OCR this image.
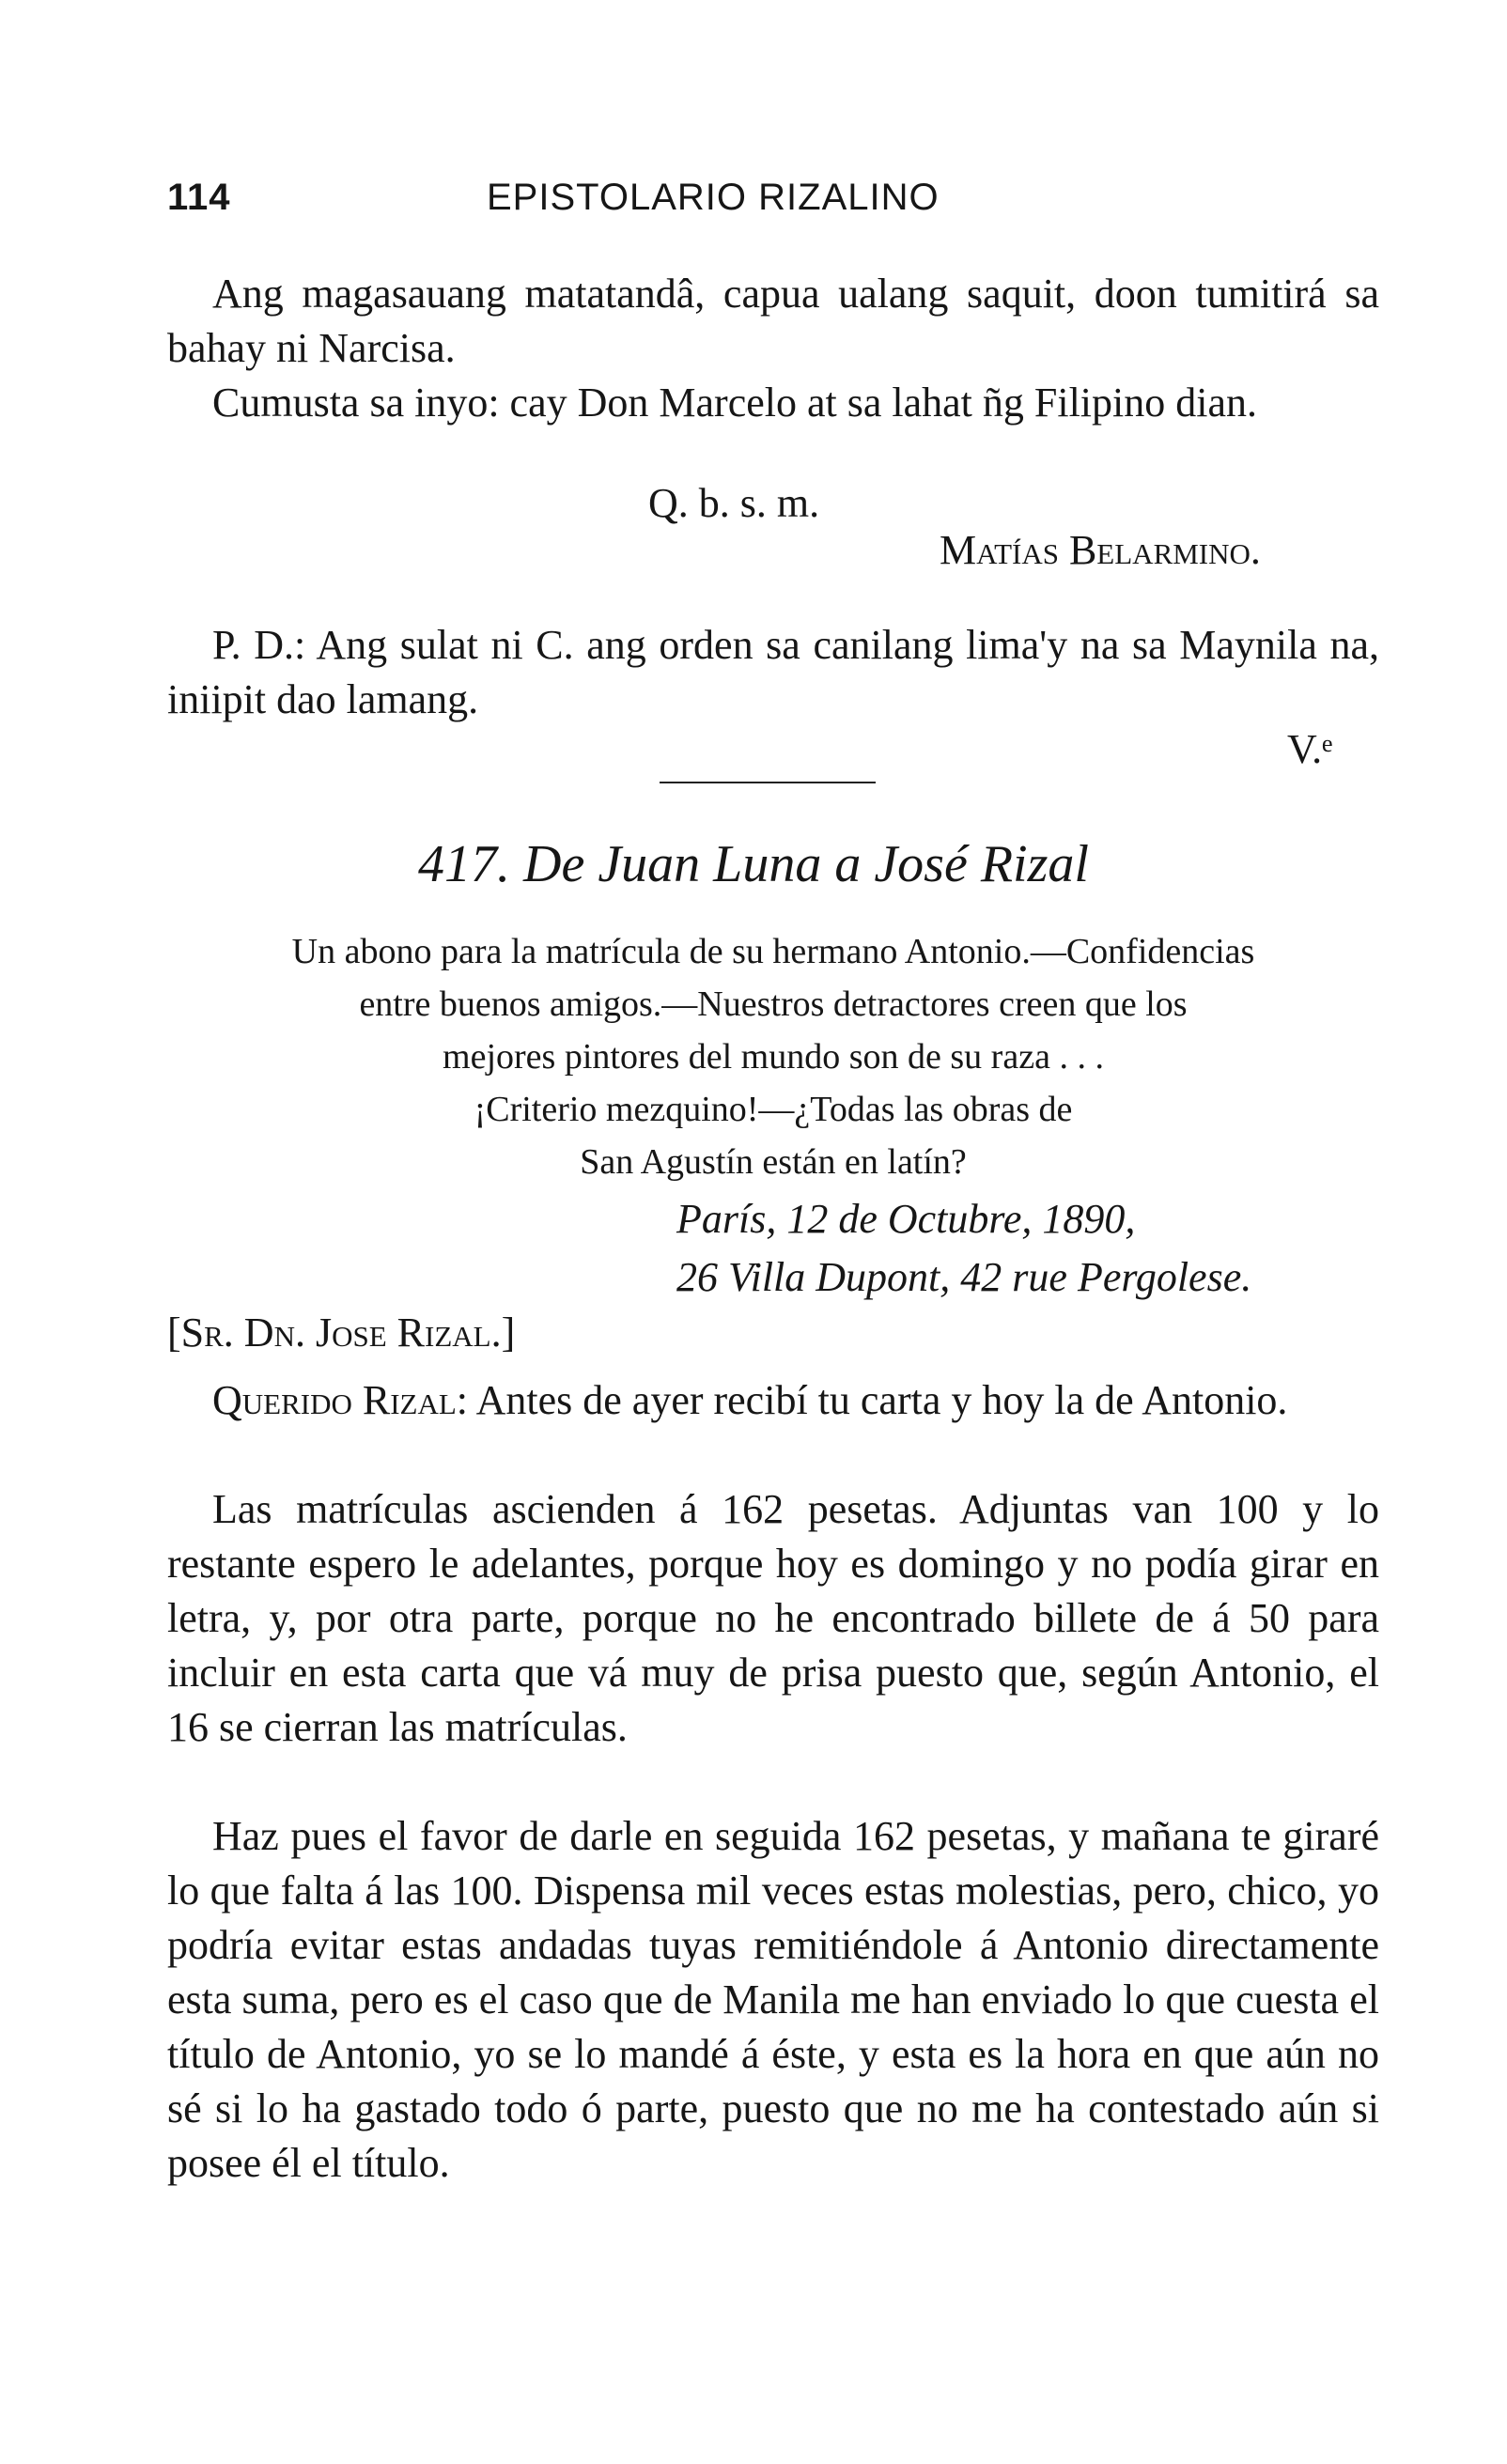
114	EPISTOLARIO RIZALINO

Ang magasauang matatandâ, capua ualang saquit, doon tumitirá sa bahay ni Narcisa.

Cumusta sa inyo: cay Don Marcelo at sa lahat ñg Filipino dian.

Q. b. s. m.
Matías Belarmino.

P. D.: Ang sulat ni C. ang orden sa canilang lima'y na sa Maynila na, iniipit dao lamang.

V.ᵉ
417. De Juan Luna a José Rizal
Un abono para la matrícula de su hermano Antonio.—Confidencias
entre buenos amigos.—Nuestros detractores creen que los
mejores pintores del mundo son de su raza . . .
¡Criterio mezquino!—¿Todas las obras de
San Agustín están en latín?
París, 12 de Octubre, 1890,
26 Villa Dupont, 42 rue Pergolese.
[Sr. Dn. Jose Rizal.]

Querido Rizal: Antes de ayer recibí tu carta y hoy la de Antonio.

Las matrículas ascienden á 162 pesetas. Adjuntas van 100 y lo restante espero le adelantes, porque hoy es domingo y no podía girar en letra, y, por otra parte, porque no he encontrado billete de á 50 para incluir en esta carta que vá muy de prisa puesto que, según Antonio, el 16 se cierran las matrículas.

Haz pues el favor de darle en seguida 162 pesetas, y mañana te giraré lo que falta á las 100. Dispensa mil veces estas molestias, pero, chico, yo podría evitar estas andadas tuyas remitiéndole á Antonio directamente esta suma, pero es el caso que de Manila me han enviado lo que cuesta el título de Antonio, yo se lo mandé á éste, y esta es la hora en que aún no sé si lo ha gastado todo ó parte, puesto que no me ha contestado aún si posee él el título.
